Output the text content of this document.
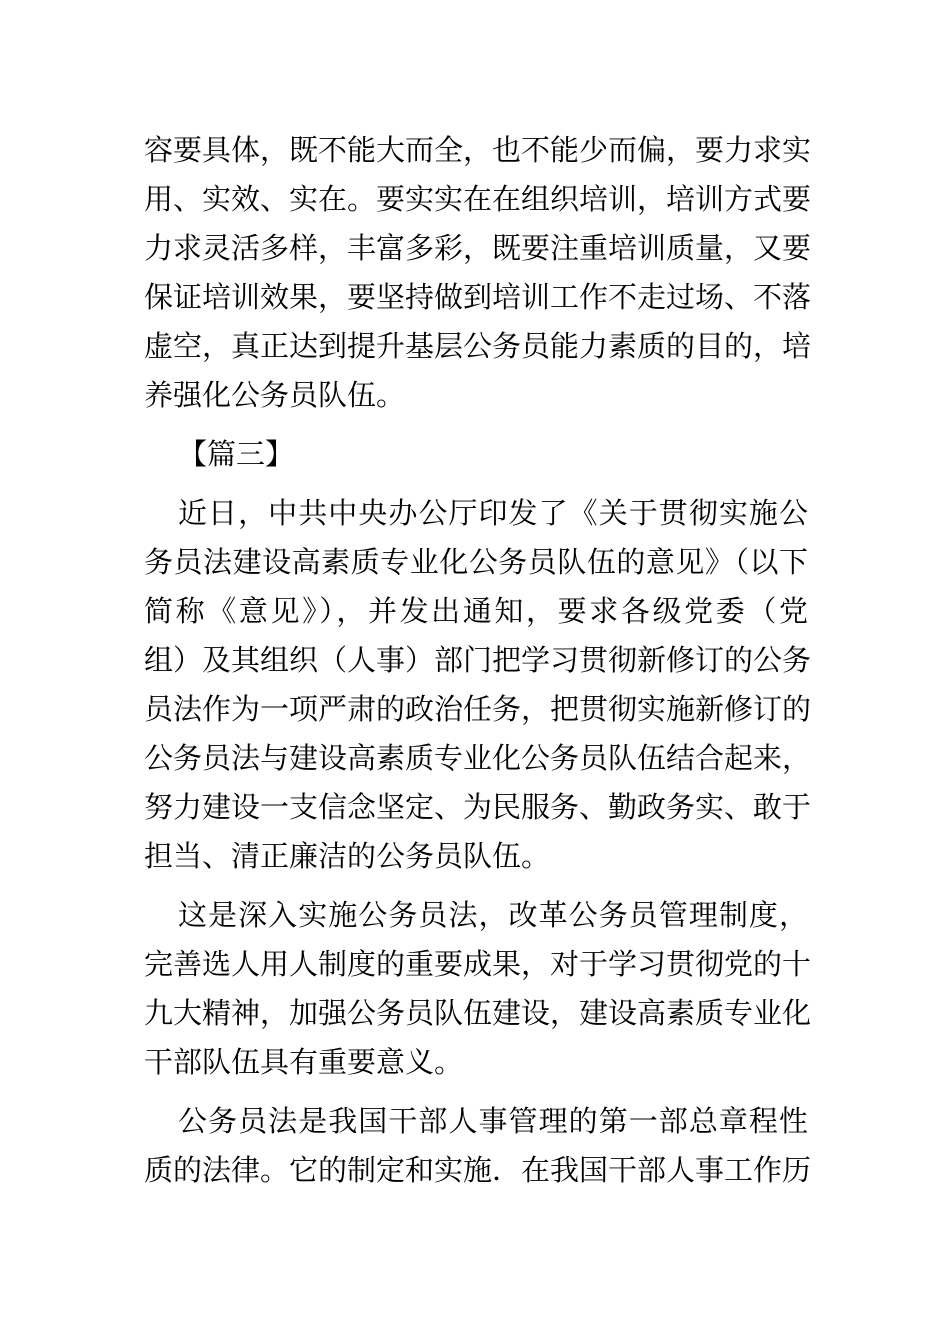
容要具体，既不能大而全，也不能少而偏，要力求实
用、实效、实在。要实实在在组织培训，培训方式要
力求灵活多样，丰富多彩，既要注重培训质量，又要
保证培训效果，要坚持做到培训工作不走过场、不落
虚空，真正达到提升基层公务员能力素质的目的，培
养强化公务员队伍。
【篇三】
近日，中共中央办公厅印发了《关于贯彻实施公
务员法建设高素质专业化公务员队伍的意见》（以下
简称《意见》），并发出通知，要求各级党委（党
组）及其组织（人事）部门把学习贯彻新修订的公务
员法作为一项严肃的政治任务，把贯彻实施新修订的
公务员法与建设高素质专业化公务员队伍结合起来，
努力建设一支信念坚定、为民服务、勤政务实、敢于
担当、清正廉洁的公务员队伍。
这是深入实施公务员法，改革公务员管理制度，
完善选人用人制度的重要成果，对于学习贯彻党的十
九大精神，加强公务员队伍建设，建设高素质专业化
干部队伍具有重要意义。
公务员法是我国干部人事管理的第一部总章程性
质的法律。它的制定和实施．在我国干部人事工作历
